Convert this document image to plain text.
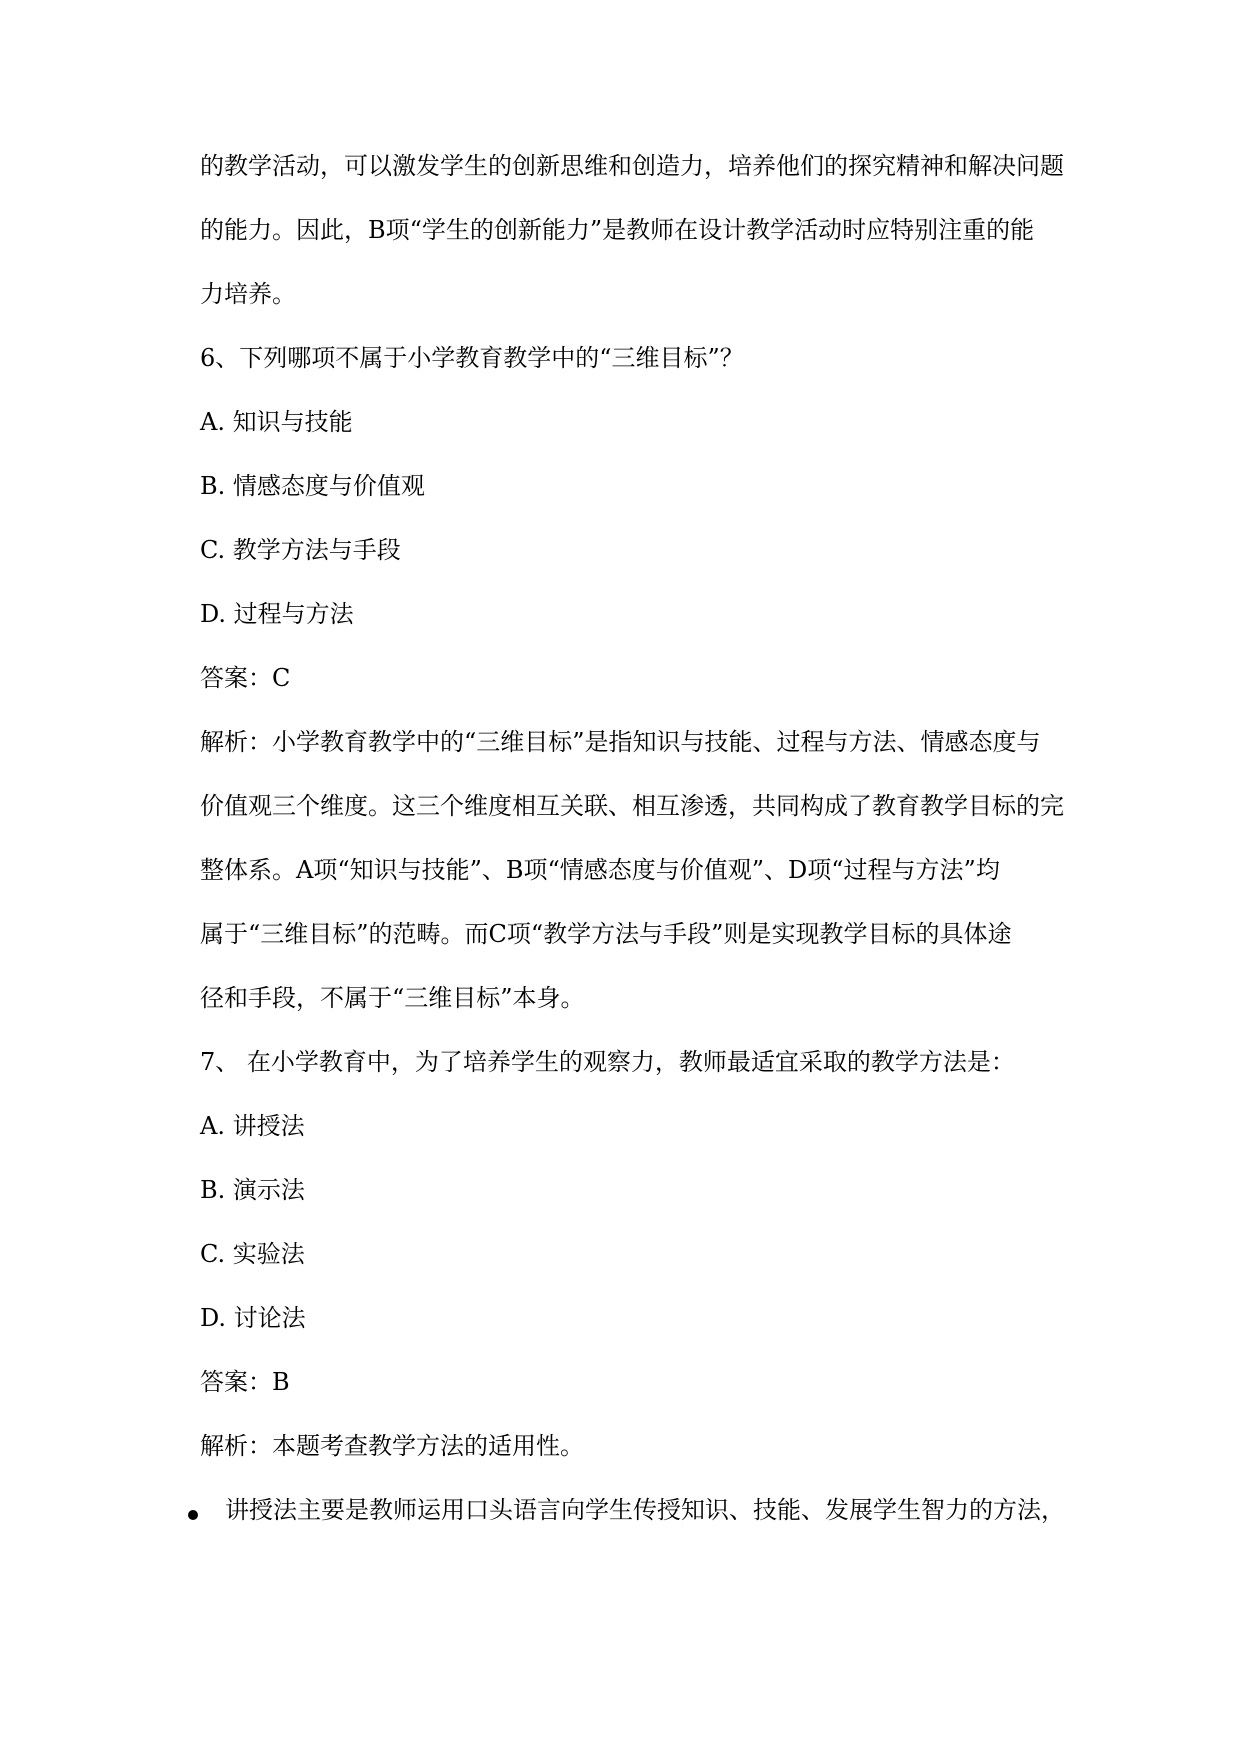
的教学活动，可以激发学生的创新思维和创造力，培养他们的探究精神和解决问题
的能力。因此，B项“学生的创新能力”是教师在设计教学活动时应特别注重的能
力培养。
6、下列哪项不属于小学教育教学中的“三维目标”？
A. 知识与技能
B. 情感态度与价值观
C. 教学方法与手段
D. 过程与方法
答案：C
解析：小学教育教学中的“三维目标”是指知识与技能、过程与方法、情感态度与
价值观三个维度。这三个维度相互关联、相互渗透，共同构成了教育教学目标的完
整体系。A项“知识与技能”、B项“情感态度与价值观”、D项“过程与方法”均
属于“三维目标”的范畴。而C项“教学方法与手段”则是实现教学目标的具体途
径和手段，不属于“三维目标”本身。
7、 在小学教育中，为了培养学生的观察力，教师最适宜采取的教学方法是：
A. 讲授法
B. 演示法
C. 实验法
D. 讨论法
答案：B
解析：本题考查教学方法的适用性。
讲授法主要是教师运用口头语言向学生传授知识、技能、发展学生智力的方法，
